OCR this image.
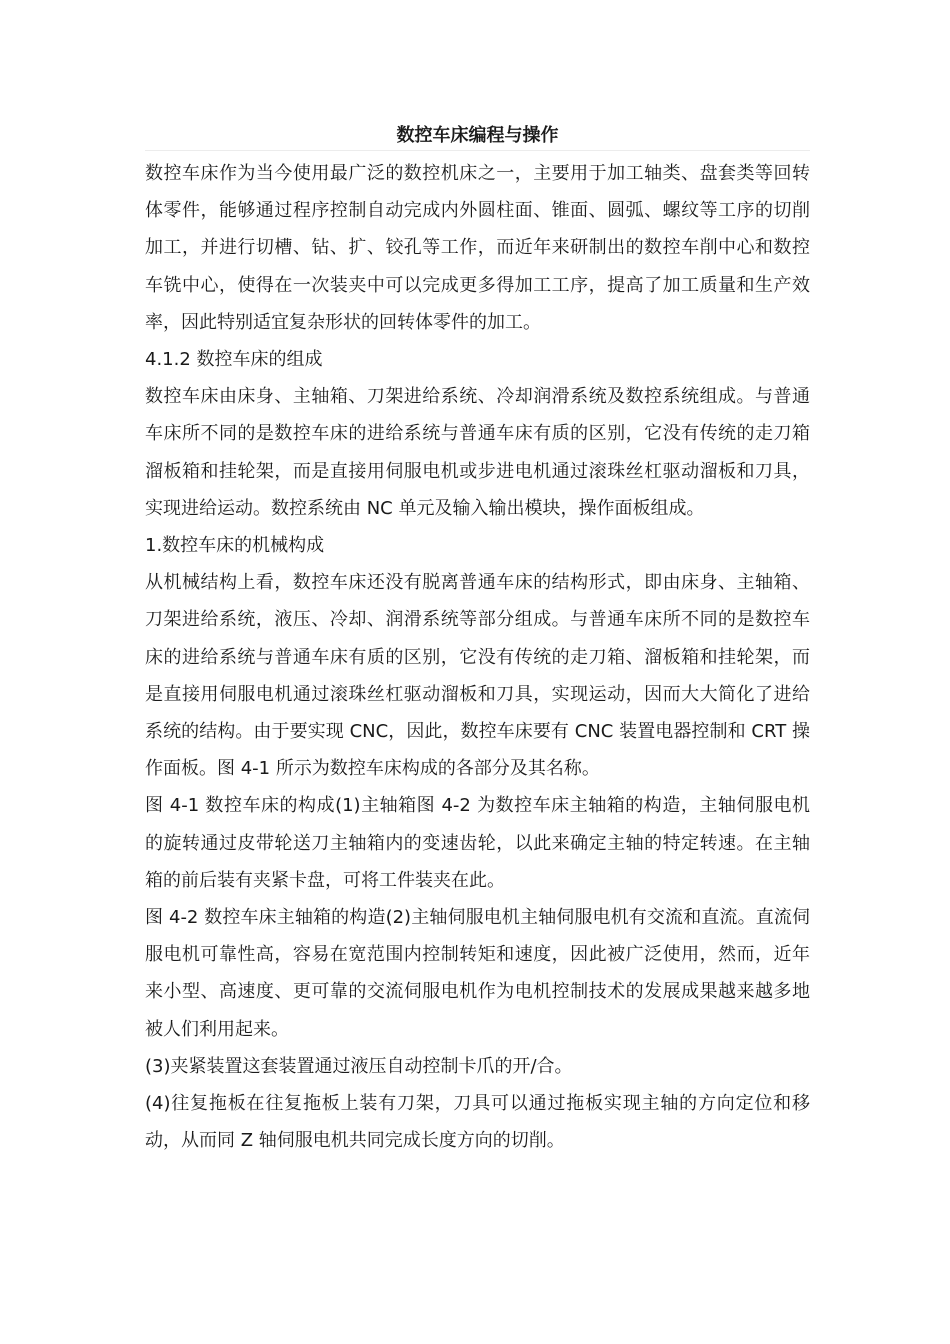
数控车床编程与操作

数控车床作为当今使用最广泛的数控机床之一，主要用于加工轴类、盘套类等回转体零件，能够通过程序控制自动完成内外圆柱面、锥面、圆弧、螺纹等工序的切削加工，并进行切槽、钻、扩、铰孔等工作，而近年来研制出的数控车削中心和数控车铣中心，使得在一次装夹中可以完成更多得加工工序，提高了加工质量和生产效率，因此特别适宜复杂形状的回转体零件的加工。

4.1.2 数控车床的组成

数控车床由床身、主轴箱、刀架进给系统、冷却润滑系统及数控系统组成。与普通车床所不同的是数控车床的进给系统与普通车床有质的区别，它没有传统的走刀箱溜板箱和挂轮架，而是直接用伺服电机或步进电机通过滚珠丝杠驱动溜板和刀具，实现进给运动。数控系统由 NC 单元及输入输出模块，操作面板组成。

1.数控车床的机械构成

从机械结构上看，数控车床还没有脱离普通车床的结构形式，即由床身、主轴箱、刀架进给系统，液压、冷却、润滑系统等部分组成。与普通车床所不同的是数控车床的进给系统与普通车床有质的区别，它没有传统的走刀箱、溜板箱和挂轮架，而是直接用伺服电机通过滚珠丝杠驱动溜板和刀具，实现运动，因而大大简化了进给系统的结构。由于要实现 CNC，因此，数控车床要有 CNC 装置电器控制和 CRT 操作面板。图 4-1 所示为数控车床构成的各部分及其名称。

图 4-1 数控车床的构成(1)主轴箱图 4-2 为数控车床主轴箱的构造，主轴伺服电机的旋转通过皮带轮送刀主轴箱内的变速齿轮，以此来确定主轴的特定转速。在主轴箱的前后装有夹紧卡盘，可将工件装夹在此。

图 4-2 数控车床主轴箱的构造(2)主轴伺服电机主轴伺服电机有交流和直流。直流伺服电机可靠性高，容易在宽范围内控制转矩和速度，因此被广泛使用，然而，近年来小型、高速度、更可靠的交流伺服电机作为电机控制技术的发展成果越来越多地被人们利用起来。

(3)夹紧装置这套装置通过液压自动控制卡爪的开/合。

(4)往复拖板在往复拖板上装有刀架，刀具可以通过拖板实现主轴的方向定位和移动，从而同 Z 轴伺服电机共同完成长度方向的切削。
